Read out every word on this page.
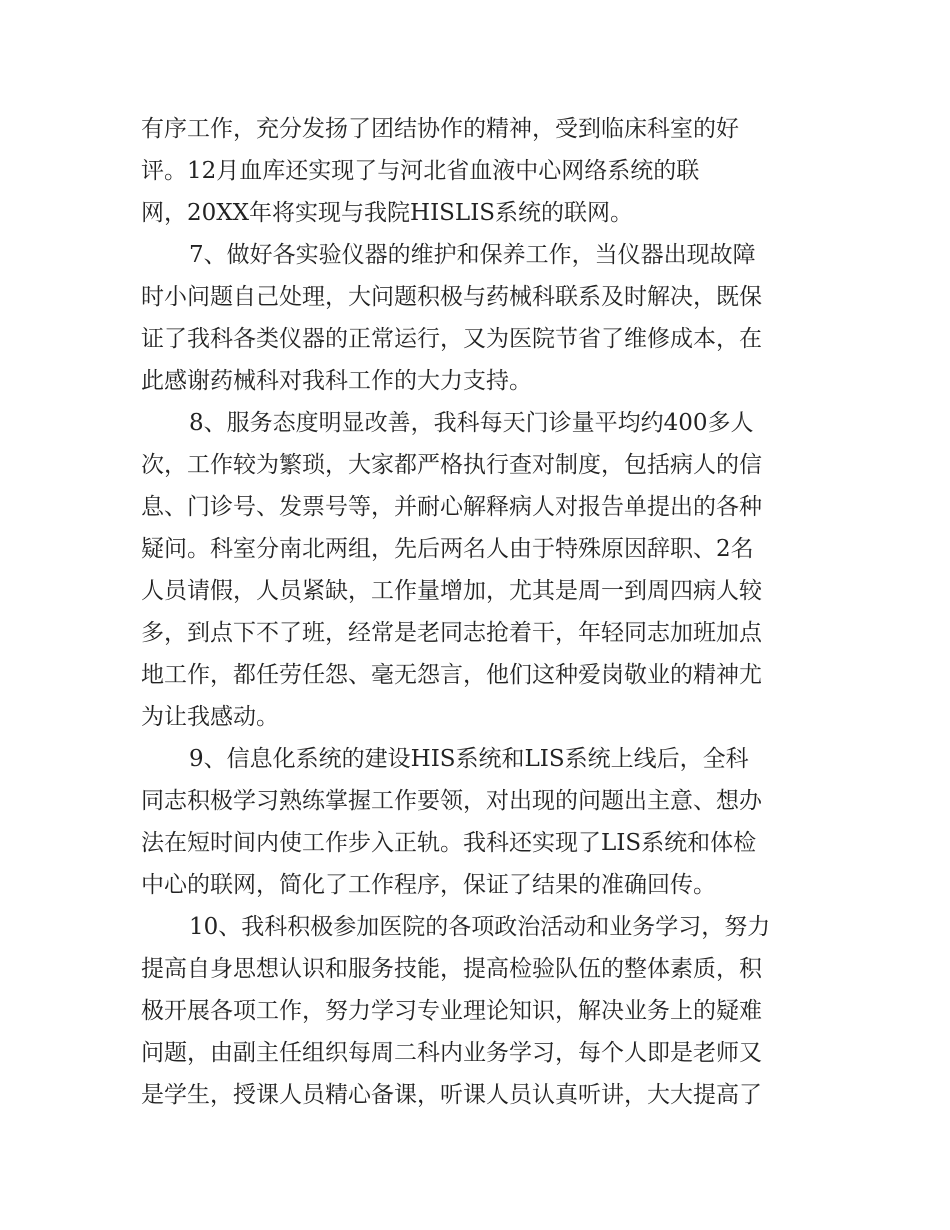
有序工作，充分发扬了团结协作的精神，受到临床科室的好

评。12月血库还实现了与河北省血液中心网络系统的联

网，20XX年将实现与我院HISLIS系统的联网。

7、做好各实验仪器的维护和保养工作，当仪器出现故障

时小问题自己处理，大问题积极与药械科联系及时解决，既保

证了我科各类仪器的正常运行，又为医院节省了维修成本，在

此感谢药械科对我科工作的大力支持。

8、服务态度明显改善，我科每天门诊量平均约400多人

次，工作较为繁琐，大家都严格执行查对制度，包括病人的信

息、门诊号、发票号等，并耐心解释病人对报告单提出的各种

疑问。科室分南北两组，先后两名人由于特殊原因辞职、2名

人员请假，人员紧缺，工作量增加，尤其是周一到周四病人较

多，到点下不了班，经常是老同志抢着干，年轻同志加班加点

地工作，都任劳任怨、毫无怨言，他们这种爱岗敬业的精神尤

为让我感动。

9、信息化系统的建设HIS系统和LIS系统上线后，全科

同志积极学习熟练掌握工作要领，对出现的问题出主意、想办

法在短时间内使工作步入正轨。我科还实现了LIS系统和体检

中心的联网，简化了工作程序，保证了结果的准确回传。

10、我科积极参加医院的各项政治活动和业务学习，努力

提高自身思想认识和服务技能，提高检验队伍的整体素质，积

极开展各项工作，努力学习专业理论知识，解决业务上的疑难

问题，由副主任组织每周二科内业务学习，每个人即是老师又

是学生，授课人员精心备课，听课人员认真听讲，大大提高了
